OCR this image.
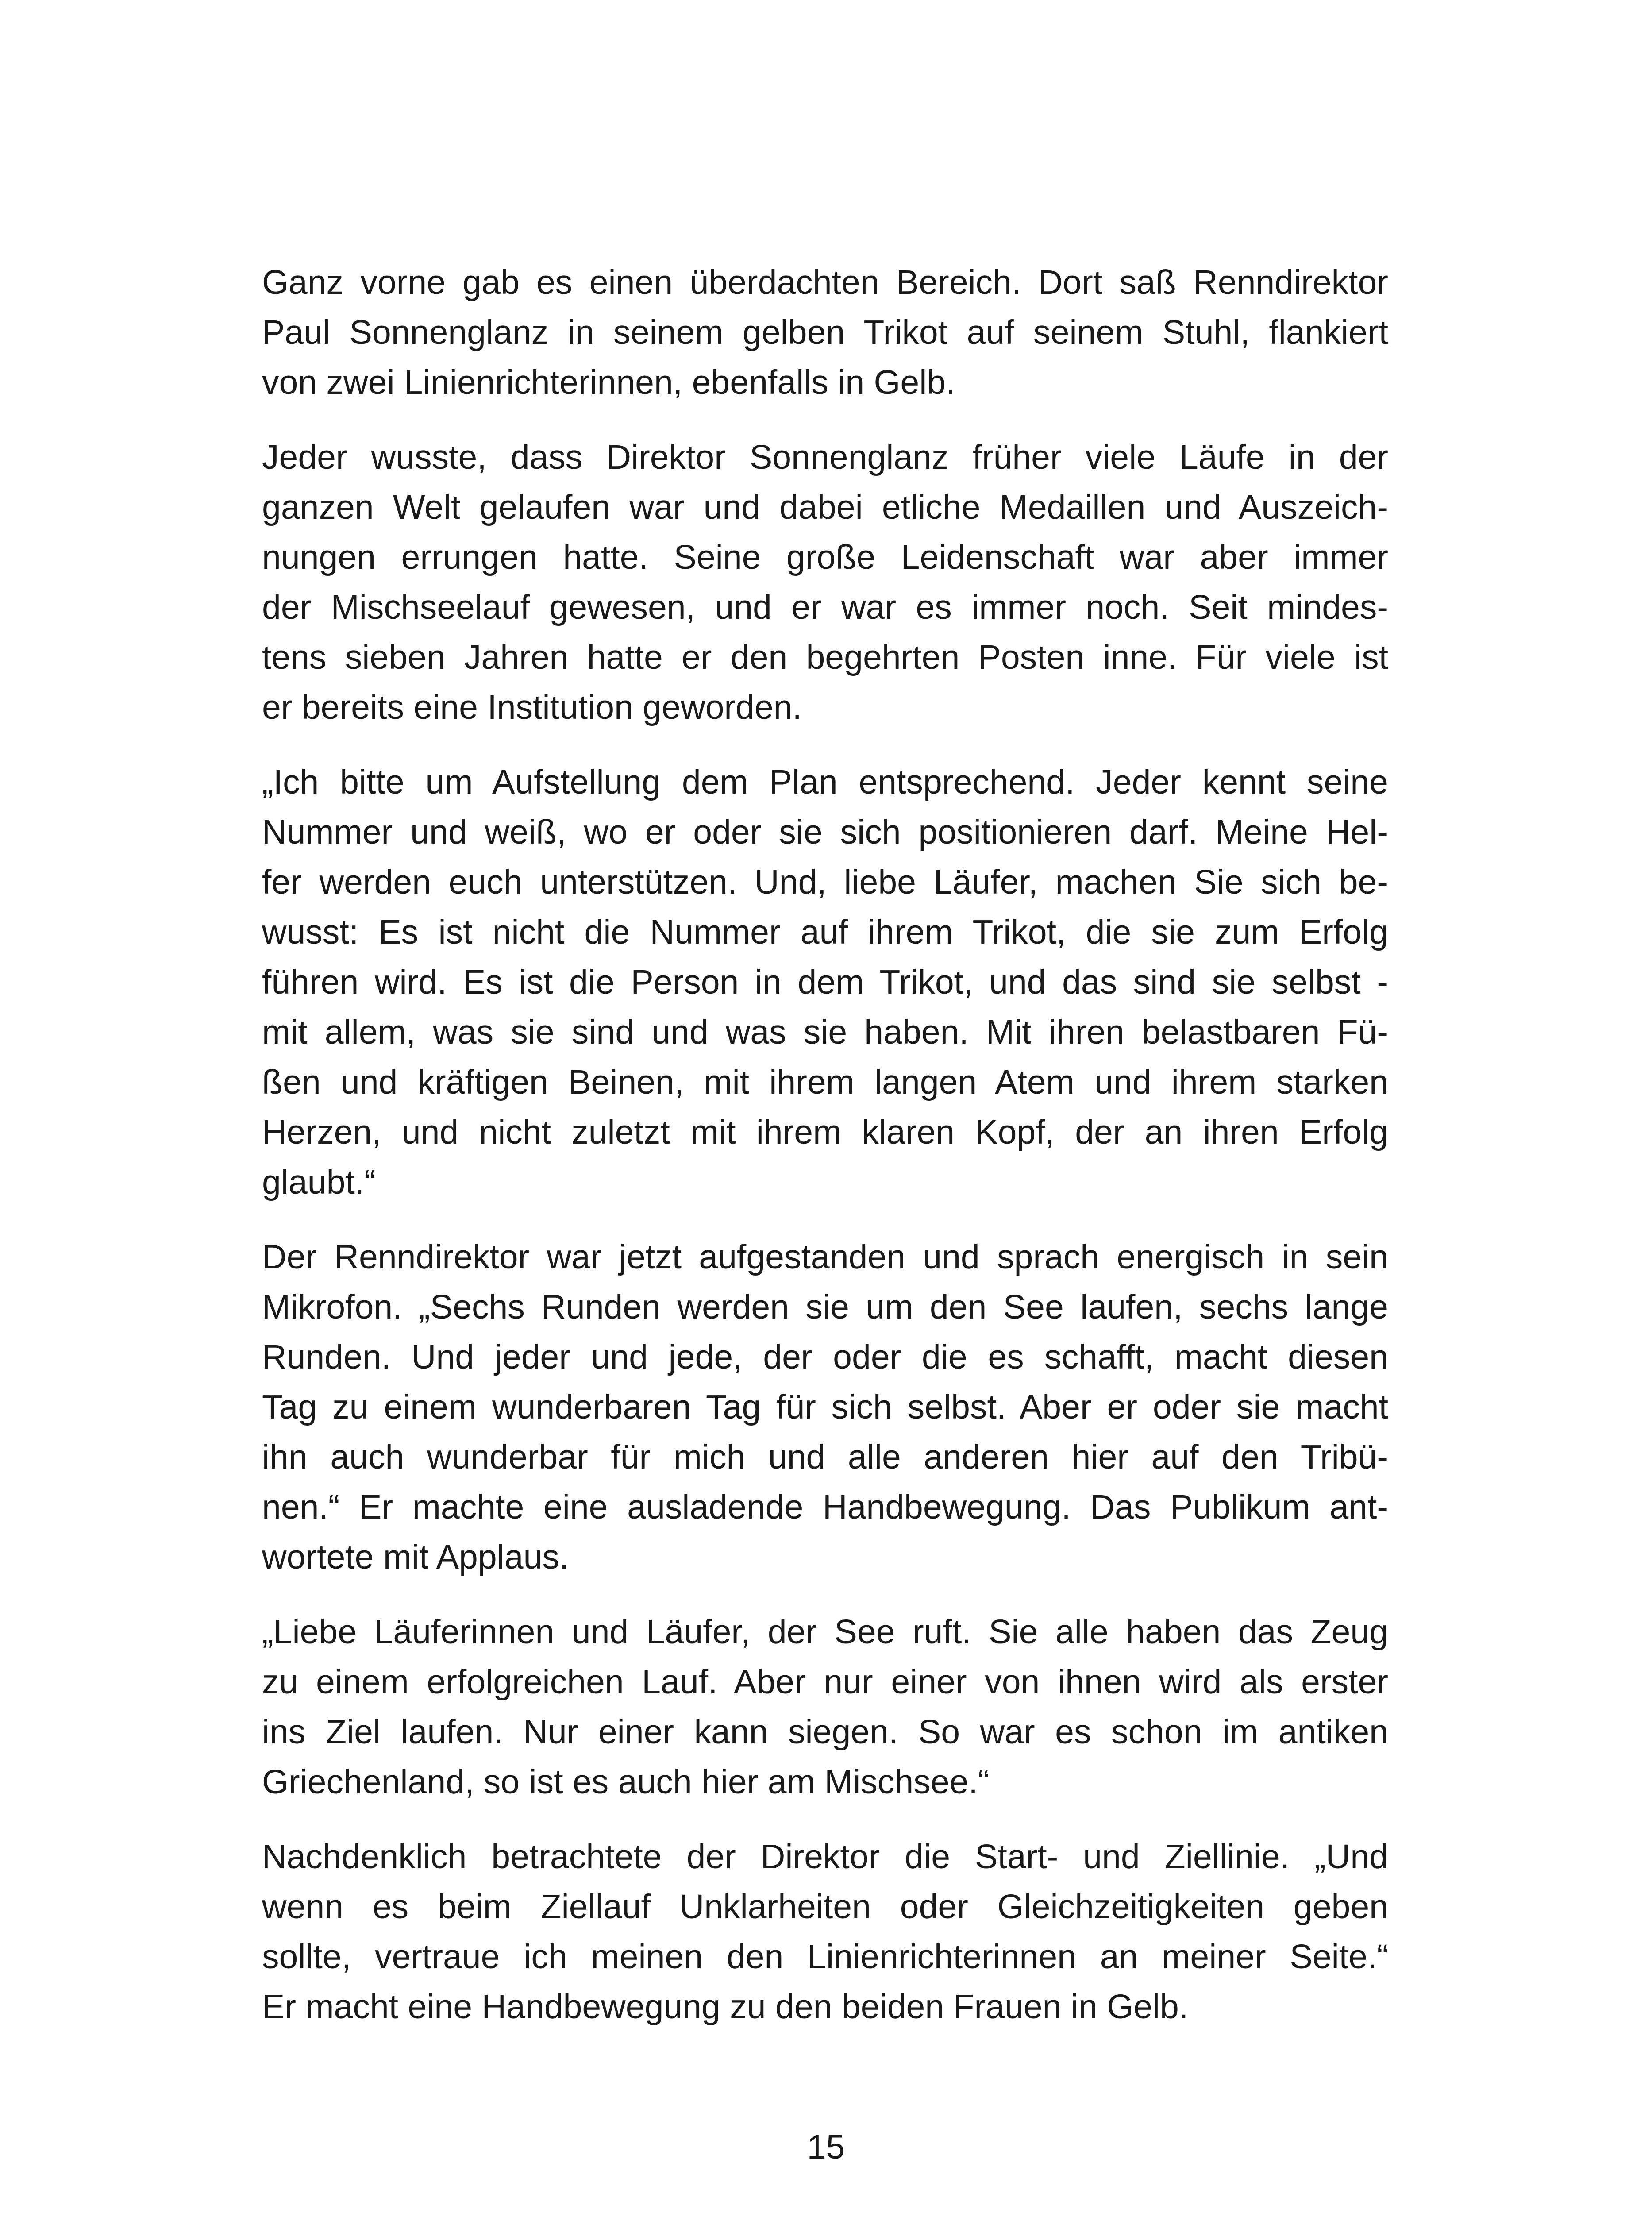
Ganz vorne gab es einen überdachten Bereich. Dort saß Renndirektor
Paul Sonnenglanz in seinem gelben Trikot auf seinem Stuhl, flankiert
von zwei Linienrichterinnen, ebenfalls in Gelb.

Jeder wusste, dass Direktor Sonnenglanz früher viele Läufe in der
ganzen Welt gelaufen war und dabei etliche Medaillen und Auszeich-
nungen errungen hatte. Seine große Leidenschaft war aber immer
der Mischseelauf gewesen, und er war es immer noch. Seit mindes-
tens sieben Jahren hatte er den begehrten Posten inne. Für viele ist
er bereits eine Institution geworden.

„Ich bitte um Aufstellung dem Plan entsprechend. Jeder kennt seine
Nummer und weiß, wo er oder sie sich positionieren darf. Meine Hel-
fer werden euch unterstützen. Und, liebe Läufer, machen Sie sich be-
wusst: Es ist nicht die Nummer auf ihrem Trikot, die sie zum Erfolg
führen wird. Es ist die Person in dem Trikot, und das sind sie selbst -
mit allem, was sie sind und was sie haben. Mit ihren belastbaren Fü-
ßen und kräftigen Beinen, mit ihrem langen Atem und ihrem starken
Herzen, und nicht zuletzt mit ihrem klaren Kopf, der an ihren Erfolg
glaubt.“

Der Renndirektor war jetzt aufgestanden und sprach energisch in sein
Mikrofon. „Sechs Runden werden sie um den See laufen, sechs lange
Runden. Und jeder und jede, der oder die es schafft, macht diesen
Tag zu einem wunderbaren Tag für sich selbst. Aber er oder sie macht
ihn auch wunderbar für mich und alle anderen hier auf den Tribü-
nen.“ Er machte eine ausladende Handbewegung. Das Publikum ant-
wortete mit Applaus.

„Liebe Läuferinnen und Läufer, der See ruft. Sie alle haben das Zeug
zu einem erfolgreichen Lauf. Aber nur einer von ihnen wird als erster
ins Ziel laufen. Nur einer kann siegen. So war es schon im antiken
Griechenland, so ist es auch hier am Mischsee.“

Nachdenklich betrachtete der Direktor die Start- und Ziellinie. „Und
wenn es beim Ziellauf Unklarheiten oder Gleichzeitigkeiten geben
sollte, vertraue ich meinen den Linienrichterinnen an meiner Seite.“
Er macht eine Handbewegung zu den beiden Frauen in Gelb.

15
